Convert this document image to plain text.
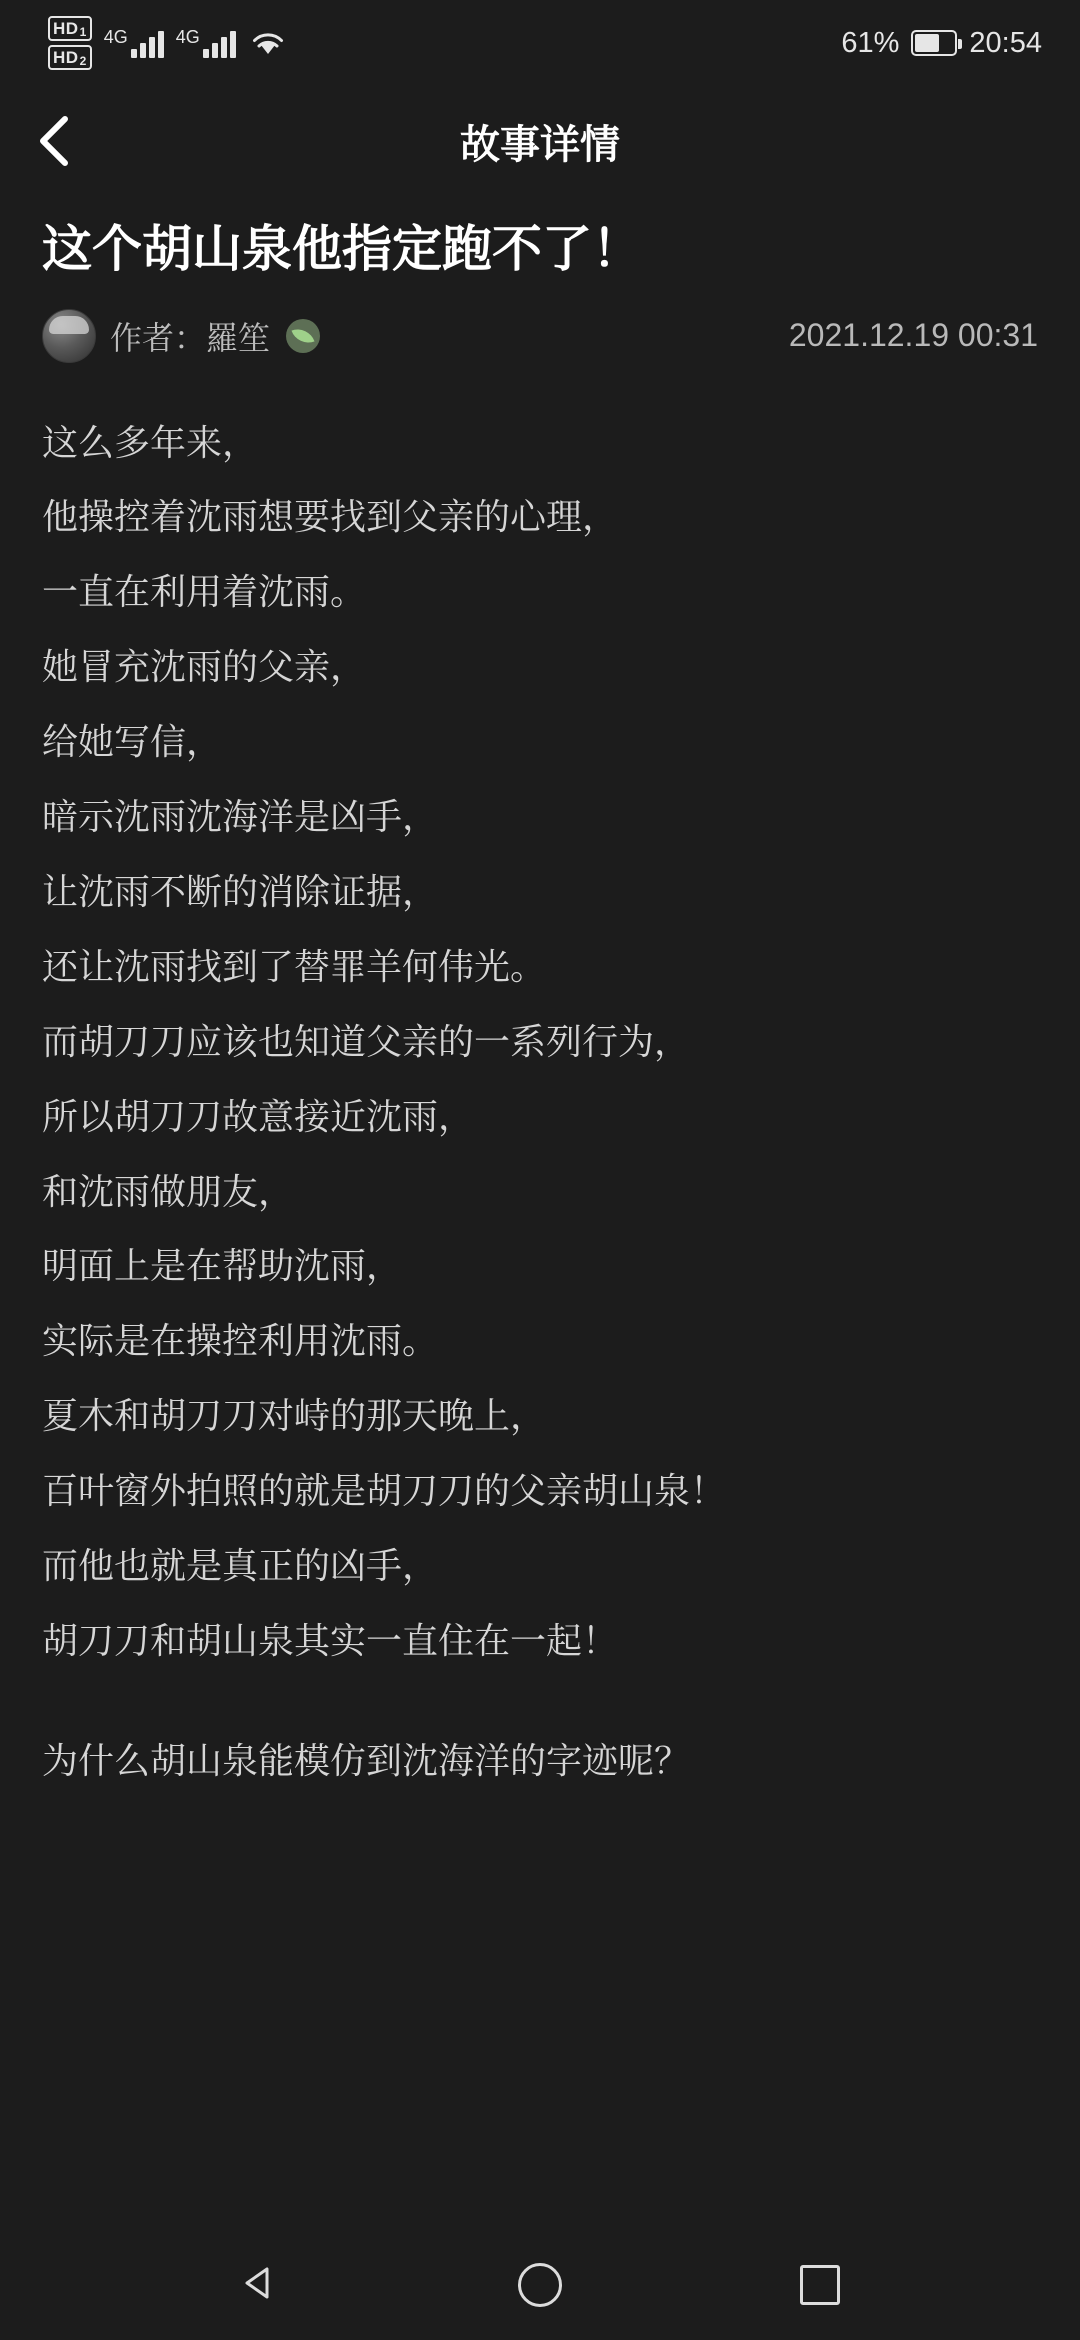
HD 1
HD 2
4G	4G	61% 20:54
故事详情
这个胡山泉他指定跑不了！
作者：羅笙	2021.12.19 00:31

这么多年来，

他操控着沈雨想要找到父亲的心理，

一直在利用着沈雨。

她冒充沈雨的父亲，

给她写信，

暗示沈雨沈海洋是凶手，

让沈雨不断的消除证据，

还让沈雨找到了替罪羊何伟光。

而胡刀刀应该也知道父亲的一系列行为，

所以胡刀刀故意接近沈雨，

和沈雨做朋友，

明面上是在帮助沈雨，

实际是在操控利用沈雨。

夏木和胡刀刀对峙的那天晚上，

百叶窗外拍照的就是胡刀刀的父亲胡山泉！

而他也就是真正的凶手，

胡刀刀和胡山泉其实一直住在一起！

为什么胡山泉能模仿到沈海洋的字迹呢？
